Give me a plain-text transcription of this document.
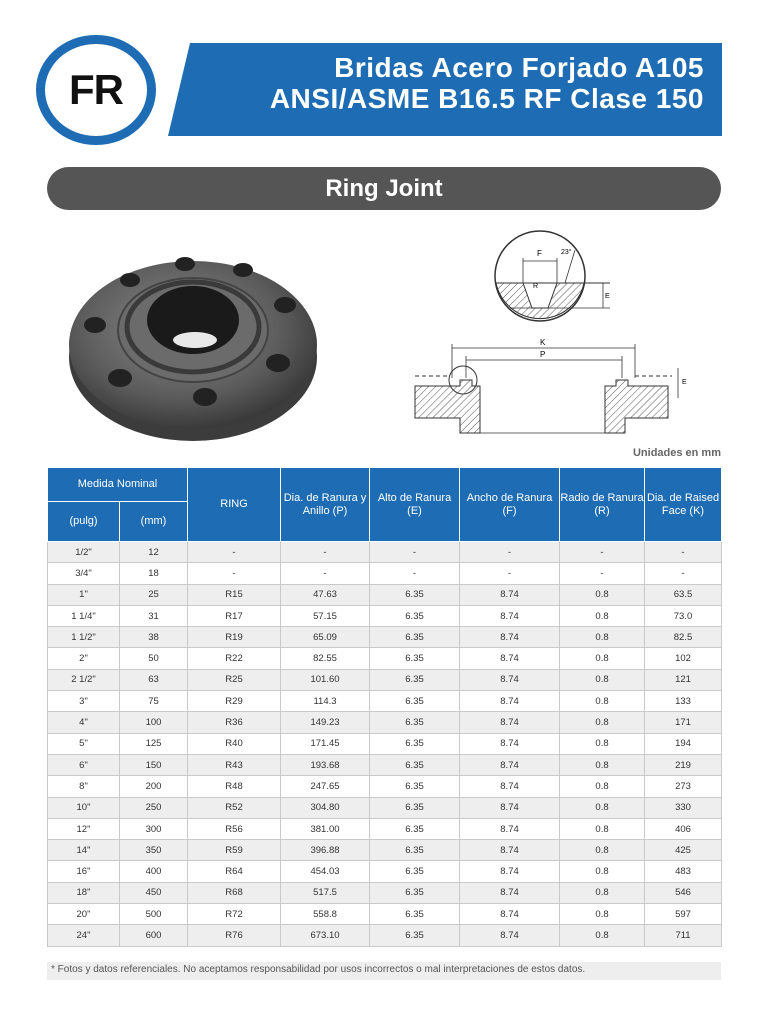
Bridas Acero Forjado A105
ANSI/ASME B16.5 RF Clase 150
FR
Ring Joint
F	23°
R
E
K
P
E
Unidades en mm
Medida Nominal		RING	Dia. de Ranura y Anillo (P)	Alto de Ranura (E)	Ancho de Ranura (F)	Radio de Ranura (R)	Dia. de Raised Face (K)
(pulg)	(mm)						
1/2"	12	-	-	-	-	-	-
3/4"	18	-	-	-	-	-	-
1"	25	R15	47.63	6.35	8.74	0.8	63.5
1 1/4"	31	R17	57.15	6.35	8.74	0.8	73.0
1 1/2"	38	R19	65.09	6.35	8.74	0.8	82.5
2"	50	R22	82.55	6.35	8.74	0.8	102
2 1/2"	63	R25	101.60	6.35	8.74	0.8	121
3"	75	R29	114.3	6.35	8.74	0.8	133
4"	100	R36	149.23	6.35	8.74	0.8	171
5"	125	R40	171.45	6.35	8.74	0.8	194
6"	150	R43	193.68	6.35	8.74	0.8	219
8"	200	R48	247.65	6.35	8.74	0.8	273
10"	250	R52	304.80	6.35	8.74	0.8	330
12"	300	R56	381.00	6.35	8.74	0.8	406
14"	350	R59	396.88	6.35	8.74	0.8	425
16"	400	R64	454.03	6.35	8.74	0.8	483
18"	450	R68	517.5	6.35	8.74	0.8	546
20"	500	R72	558.8	6.35	8.74	0.8	597
24"	600	R76	673.10	6.35	8.74	0.8	711
* Fotos y datos referenciales. No aceptamos responsabilidad por usos incorrectos o mal interpretaciones de estos datos.
